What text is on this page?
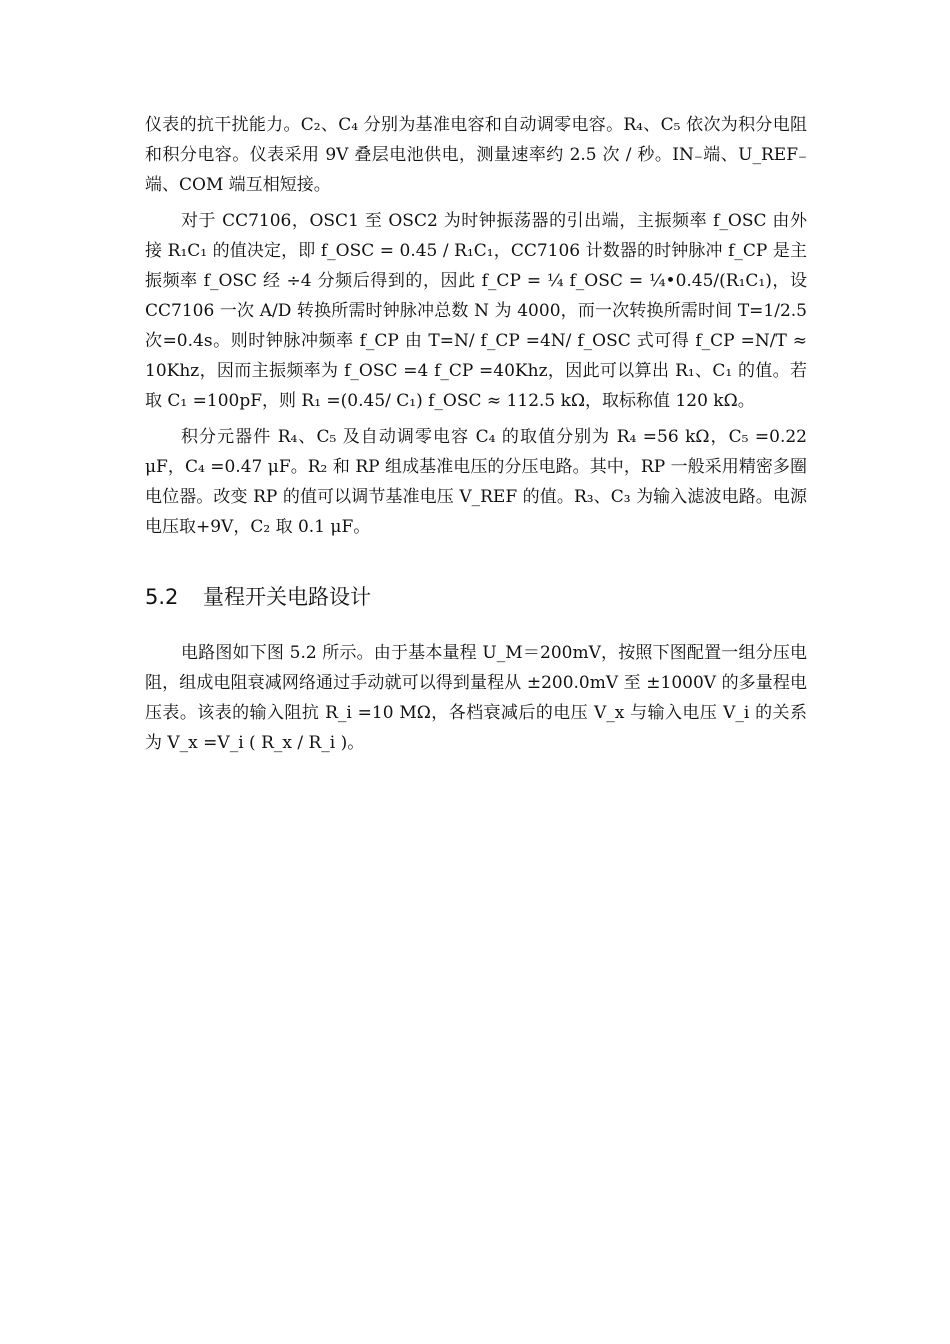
仪表的抗干扰能力。C₂、C₄ 分别为基准电容和自动调零电容。R₄、C₅ 依次为积分电阻和积分电容。仪表采用 9V 叠层电池供电，测量速率约 2.5 次 / 秒。IN₋端、U_REF₋端、COM 端互相短接。

对于 CC7106，OSC1 至 OSC2 为时钟振荡器的引出端，主振频率 f_OSC 由外接 R₁C₁ 的值决定，即 f_OSC = 0.45 / R₁C₁，CC7106 计数器的时钟脉冲 f_CP 是主振频率 f_OSC 经 ÷4 分频后得到的，因此 f_CP = ¼ f_OSC = ¼•0.45/(R₁C₁)，设 CC7106 一次 A/D 转换所需时钟脉冲总数 N 为 4000，而一次转换所需时间 T=1/2.5 次=0.4s。则时钟脉冲频率 f_CP 由 T=N/ f_CP =4N/ f_OSC 式可得 f_CP =N/T ≈ 10Khz，因而主振频率为 f_OSC =4 f_CP =40Khz，因此可以算出 R₁、C₁ 的值。若取 C₁ =100pF，则 R₁ =(0.45/ C₁) f_OSC ≈ 112.5 kΩ，取标称值 120 kΩ。

积分元器件 R₄、C₅ 及自动调零电容 C₄ 的取值分别为 R₄ =56 kΩ，C₅ =0.22 μF，C₄ =0.47 μF。R₂ 和 RP 组成基准电压的分压电路。其中，RP 一般采用精密多圈电位器。改变 RP 的值可以调节基准电压 V_REF 的值。R₃、C₃ 为输入滤波电路。电源电压取+9V，C₂ 取 0.1 μF。

5.2 量程开关电路设计

电路图如下图 5.2 所示。由于基本量程 U_M＝200mV，按照下图配置一组分压电阻，组成电阻衰减网络通过手动就可以得到量程从 ±200.0mV 至 ±1000V 的多量程电压表。该表的输入阻抗 R_i =10 MΩ，各档衰减后的电压 V_x 与输入电压 V_i 的关系为 V_x =V_i ( R_x / R_i )。
